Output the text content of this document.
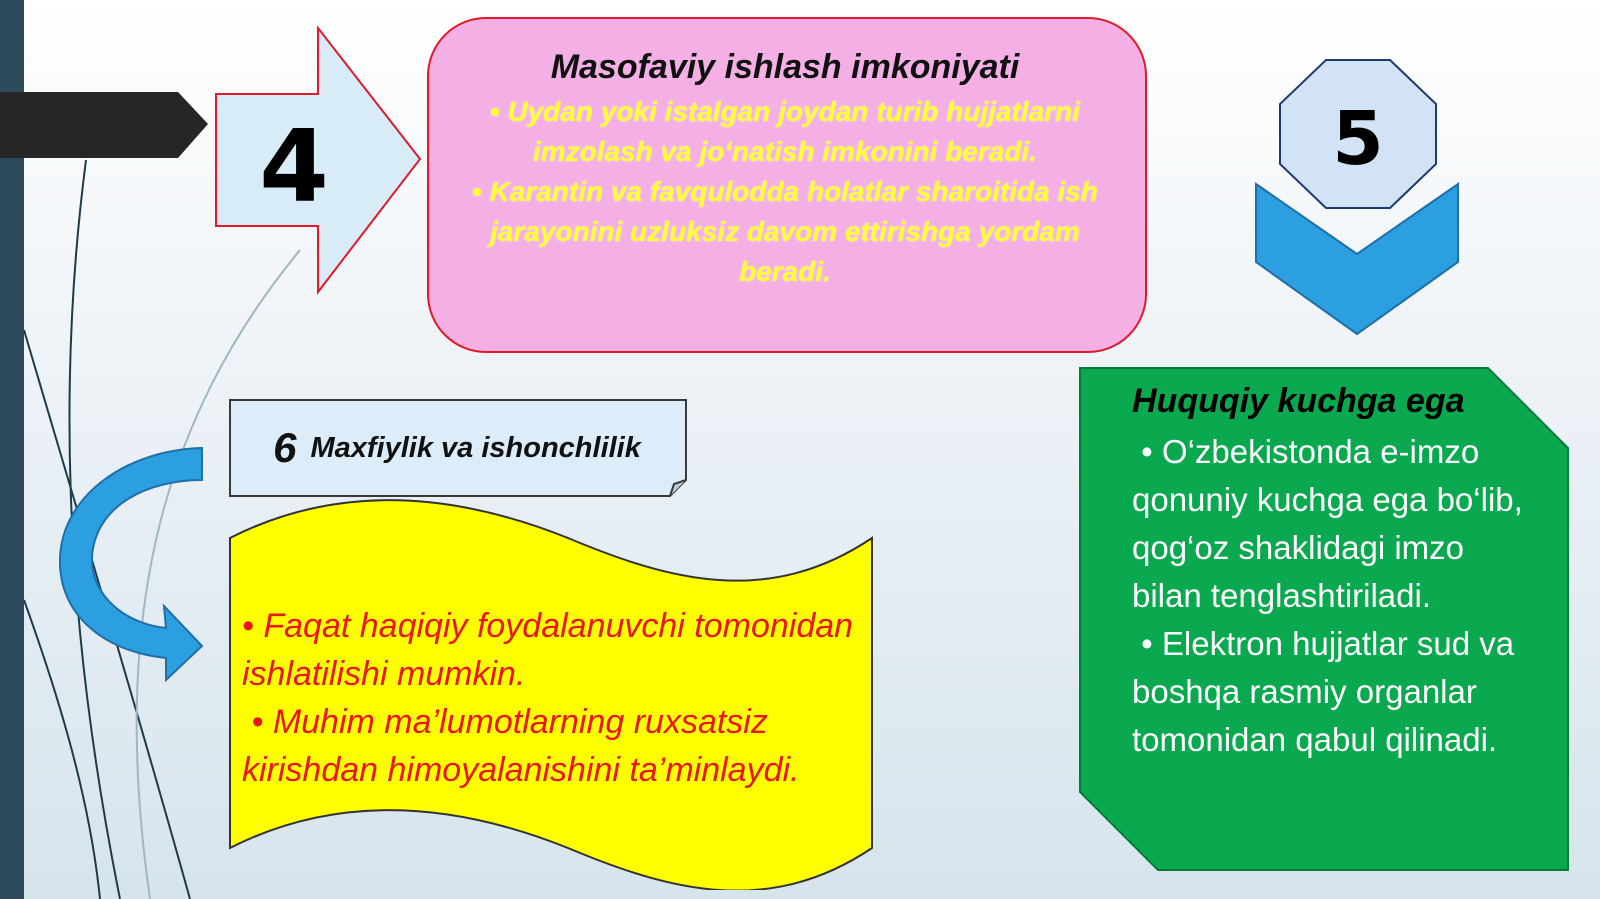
4
Masofaviy ishlash imkoniyati

• Uydan yoki istalgan joydan turib hujjatlarni imzolash va jo‘natish imkonini beradi.

• Karantin va favqulodda holatlar sharoitida ish jarayonini uzluksiz davom ettirishga yordam beradi.

5
Huquqiy kuchga ega

• O‘zbekistonda e-imzo qonuniy kuchga ega bo‘lib, qog‘oz shaklidagi imzo bilan tenglashtiriladi.

• Elektron hujjatlar sud va boshqa rasmiy organlar tomonidan qabul qilinadi.

6 Maxfiylik va ishonchlilik

• Faqat haqiqiy foydalanuvchi tomonidan ishlatilishi mumkin.

• Muhim ma’lumotlarning ruxsatsiz kirishdan himoyalanishini ta’minlaydi.
